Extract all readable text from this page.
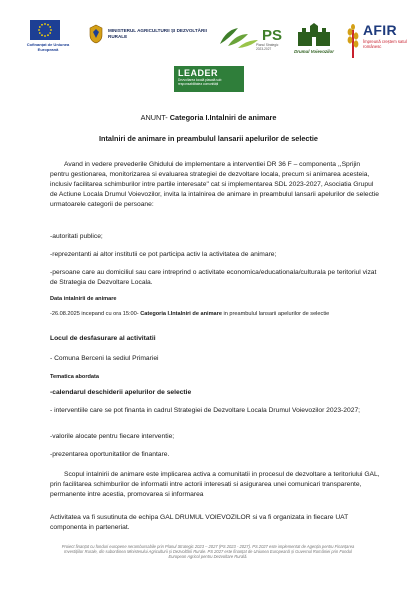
Cofinanțat de Uniunea Europeană
MINISTERUL AGRICULTURII ȘI DEZVOLTĂRII RURALE	PS
Planul Strategic 2023-2027	Drumul Voievozilor
AFIR
Împreună creștem satul românesc
LEADER
Dezvoltarea locală plasată sub responsabilitatea comunității
ANUNT- Categoria I.Intalniri de animare
Intalniri de animare in preambulul lansarii apelurilor de selectie

Avand in vedere prevederile Ghidului de implementare a interventiei DR 36 F – componenta ,,Sprijin pentru gestionarea, monitorizarea si evaluarea strategiei de dezvoltare locala, precum si animarea acesteia, inclusiv facilitarea schimburilor intre partile interesate" cat si implementarea SDL 2023-2027, Asociatia Grupul de Actiune Locala Drumul Voievozilor, invita la intalnirea de animare in preambulul lansarii apelurilor de selectie urmatoarele categorii de persoane:

-autoritati publice;

-reprezentanti ai altor institutii ce pot participa activ la activitatea de animare;

-persoane care au domiciliul sau care intreprind o activitate economica/educationala/culturala pe teritoriul vizat de Strategia de Dezvoltare Locala.

Data intalnirii de animare

-26.08.2025 incepand cu ora 15:00- Categoria I.Intalniri de animare in preambulul lansarii apelurilor de selectie

Locul de desfasurare al activitatii

- Comuna Berceni la sediul Primariei

Tematica abordata

-calendarul deschiderii apelurilor de selectie

- interventiile care se pot finanta in cadrul Strategiei de Dezvoltare Locala Drumul Voievozilor 2023-2027;

-valorile alocate pentru fiecare interventie;

-prezentarea oportunitatilor de finantare.

Scopul intalnirii de animare este implicarea activa a comunitatii in procesul de dezvoltare a teritoriului GAL, prin facilitarea schimburilor de informatii intre actorii interesati si asigurarea unei comunicari transparente, permanente intre acestia, promovarea si informarea

Activitatea va fi susutinuta de echipa GAL DRUMUL VOIEVOZILOR si va fi organizata in fiecare UAT componenta in parteneriat.

Proiect finanțat cu fonduri europene nerambursabile prin Planul Strategic 2023 – 2027 (PS 2023 - 2027). PS 2027 este implementat de Agenția pentru Finanțarea Investițiilor Rurale, din subordinea Ministerului Agriculturii și Dezvoltării Rurale. PS 2027 este finanțat de Uniunea Europeană și Guvernul României prin Fondul European Agricol pentru Dezvoltare Rurală.
